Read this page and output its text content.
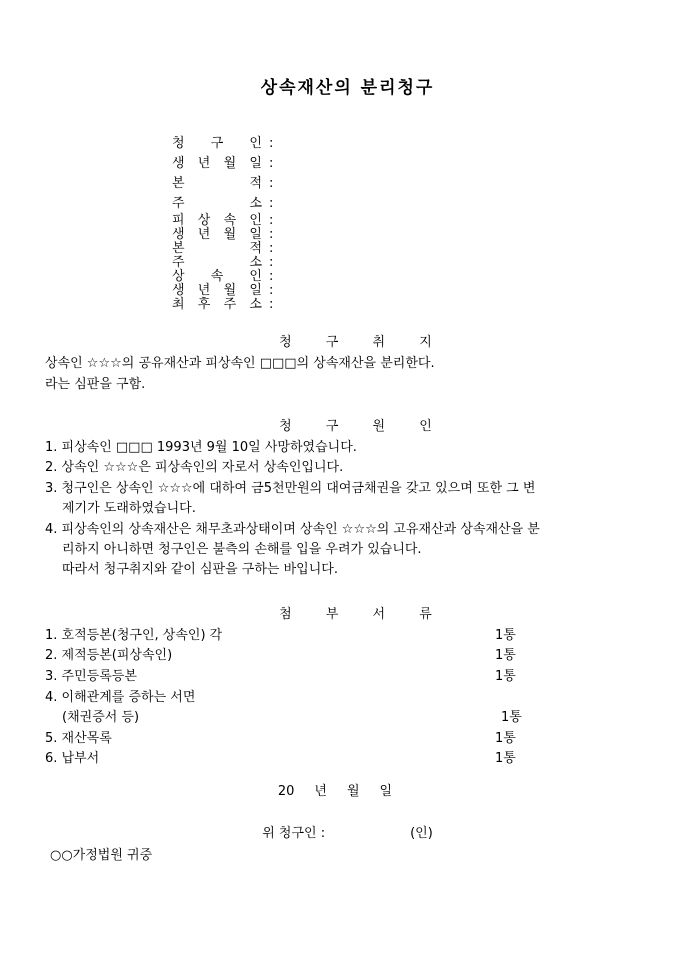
상속재산의 분리청구
청 구 인 :
생 년 월 일 :
본 적 :
주 소 :
피 상 속 인 :
생 년 월 일 :
본 적 :
주 소 :
상 속 인 :
생 년 월 일 :
최 후 주 소 :
청 구 취 지
상속인 ☆☆☆의 공유재산과 피상속인 □□□의 상속재산을 분리한다.
라는 심판을 구함.
청 구 원 인
1. 피상속인 □□□ 1993년 9월 10일 사망하였습니다.
2. 상속인 ☆☆☆은 피상속인의 자로서 상속인입니다.
3. 청구인은 상속인 ☆☆☆에 대하여 금5천만원의 대여금채권을 갖고 있으며 또한 그 변
제기가 도래하였습니다.
4. 피상속인의 상속재산은 채무초과상태이며 상속인 ☆☆☆의 고유재산과 상속재산을 분
리하지 아니하면 청구인은 불측의 손해를 입을 우려가 있습니다.
따라서 청구취지와 같이 심판을 구하는 바입니다.
첨 부 서 류
1. 호적등본(청구인, 상속인) 각	1통
2. 제적등본(피상속인)	1통
3. 주민등록등본	1통
4. 이해관계를 증하는 서면
(채권증서 등)	1통
5. 재산목록	1통
6. 납부서	1통
20 년 월 일
위 청구인 :	(인)
○○가정법원 귀중
